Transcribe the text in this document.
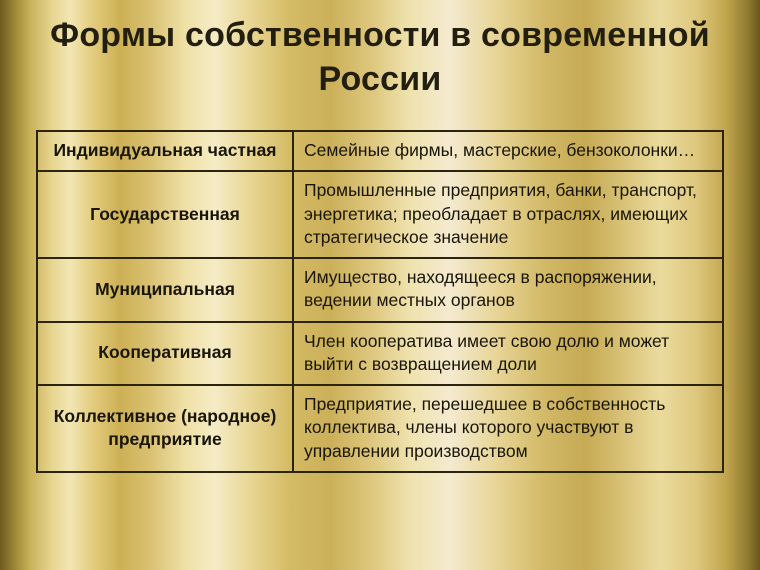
Формы собственности в современной России
Индивидуальная частная	Семейные фирмы, мастерские, бензоколонки…
Государственная	Промышленные предприятия, банки, транспорт, энергетика; преобладает в отраслях, имеющих стратегическое значение
Муниципальная	Имущество, находящееся в распоряжении, ведении местных органов
Кооперативная	Член кооператива имеет свою долю и может выйти с возвращением доли
Коллективное (народное) предприятие	Предприятие, перешедшее в собственность коллектива, члены которого участвуют в управлении производством
